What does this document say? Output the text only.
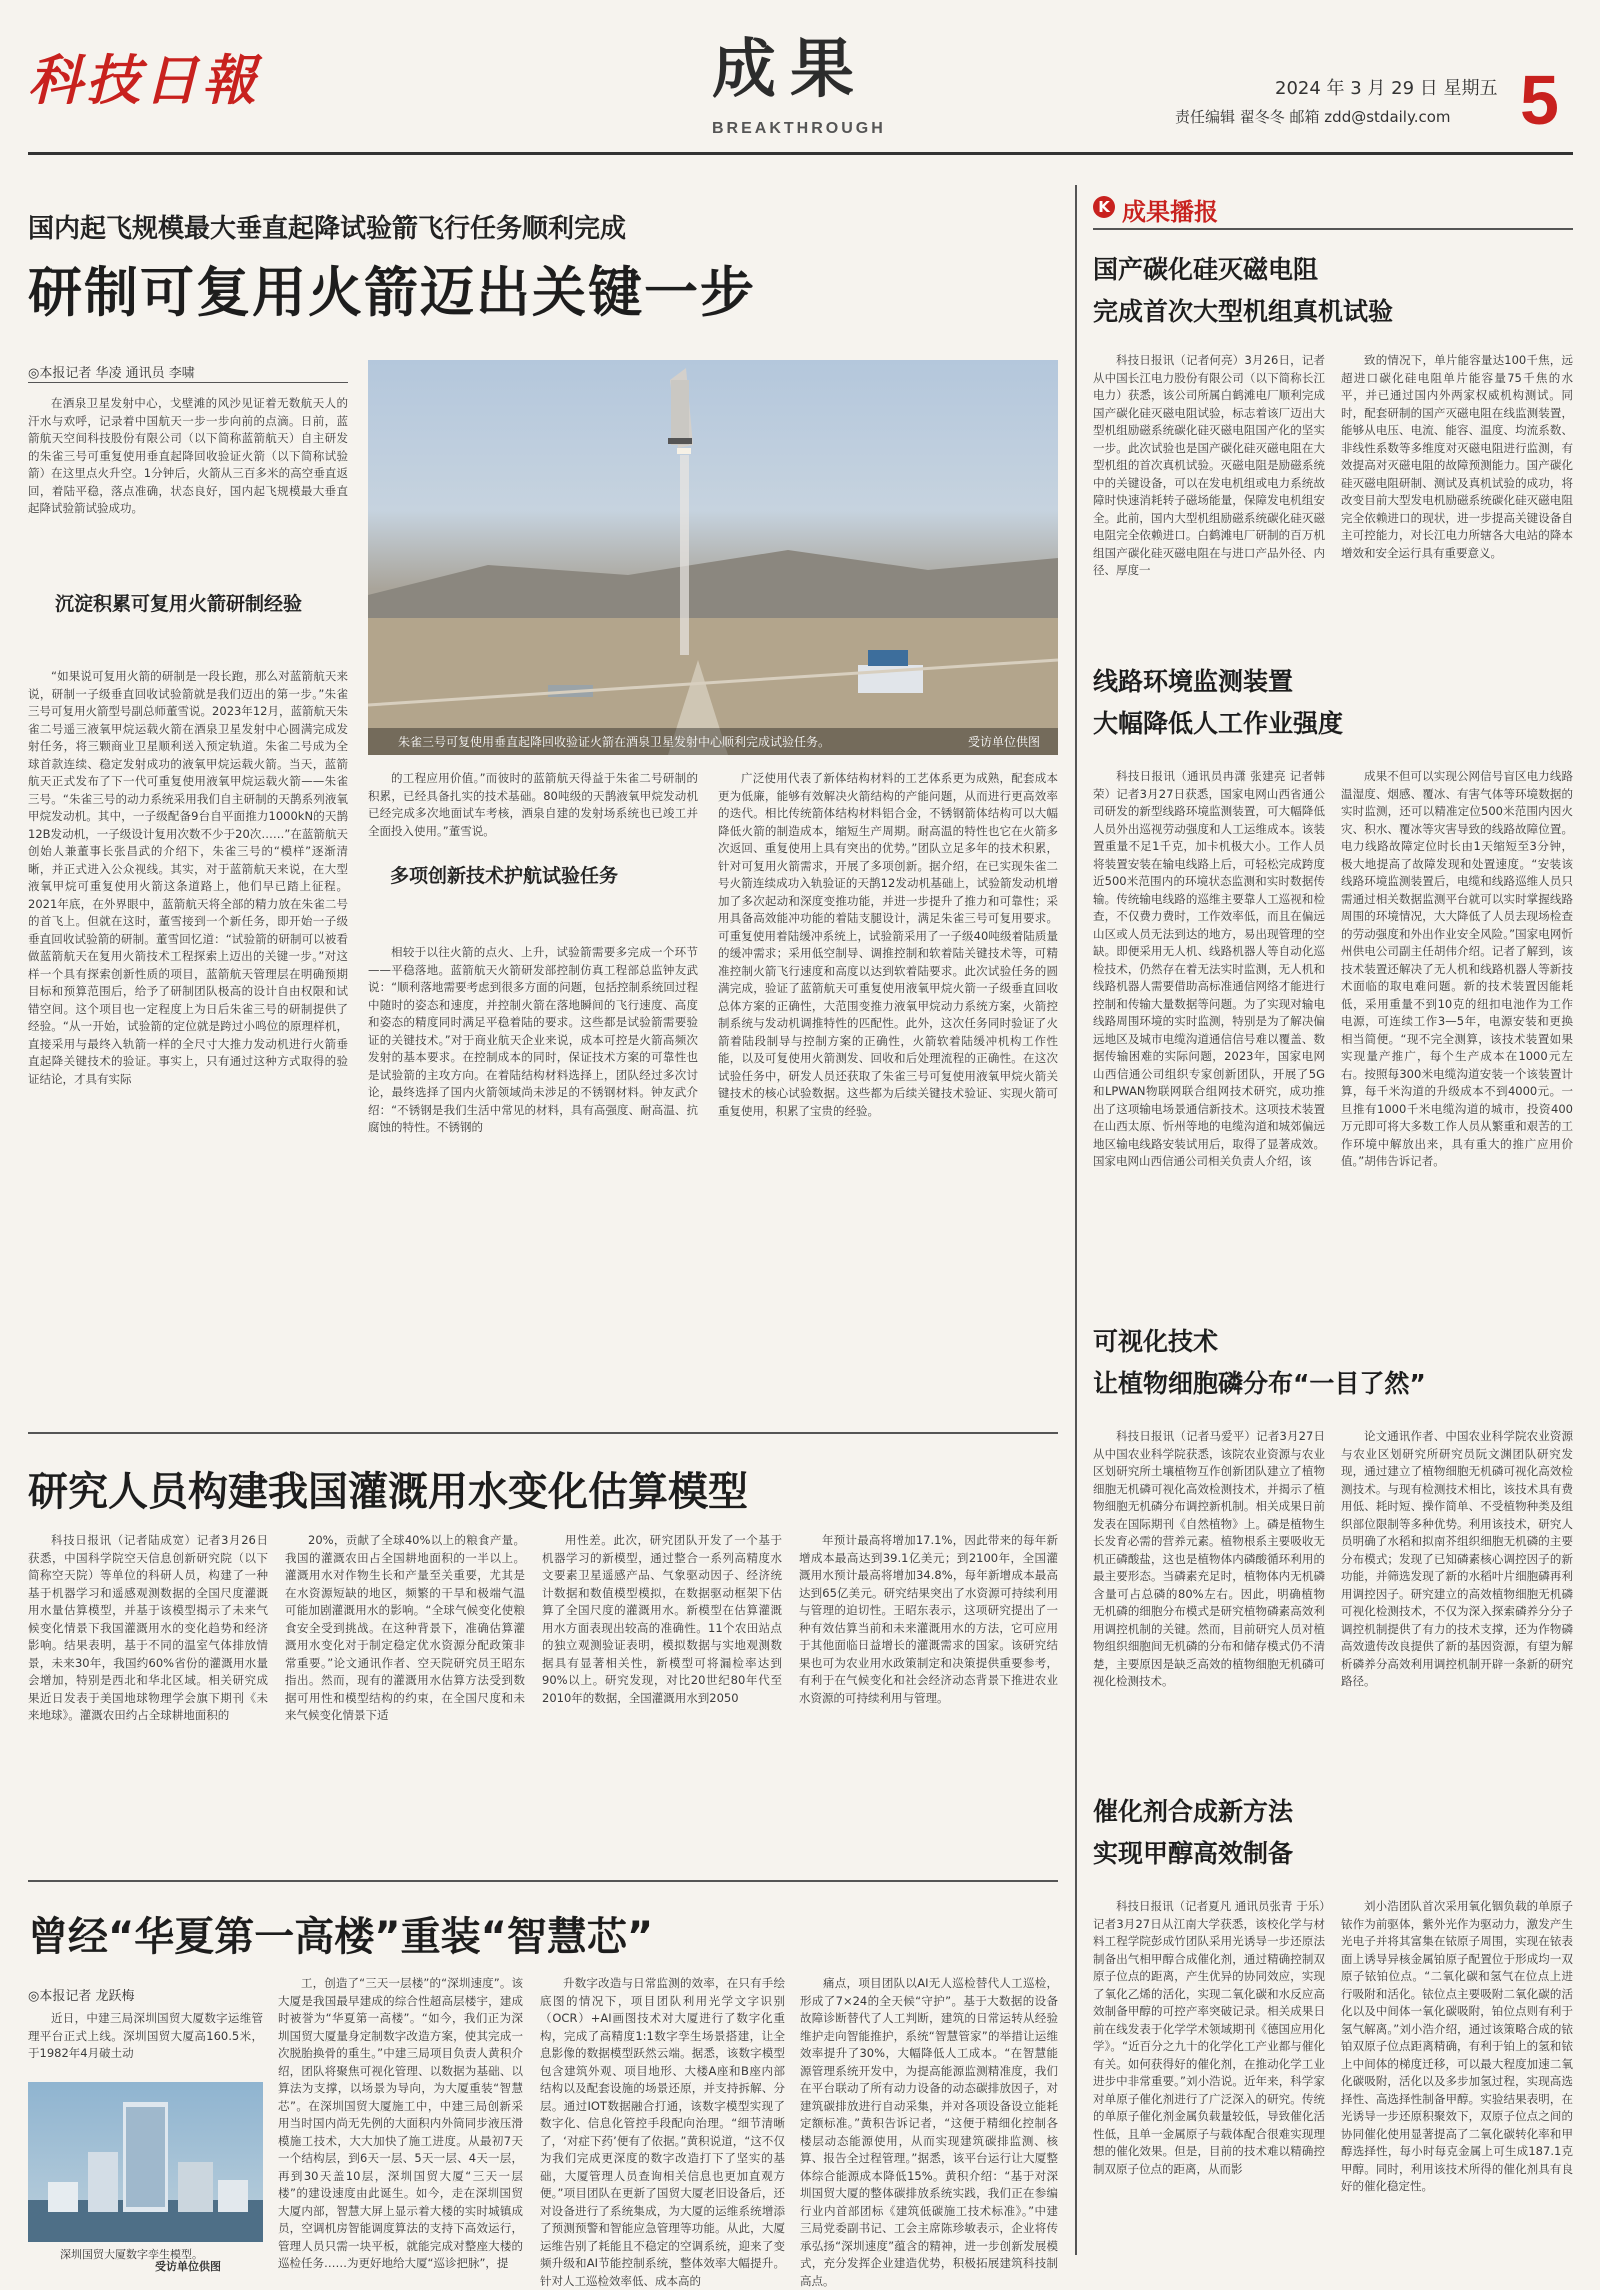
科技日報	成果
BREAKTHROUGH
2024 年 3 月 29 日 星期五
责任编辑 翟冬冬 邮箱 zdd@stdaily.com 5
国内起飞规模最大垂直起降试验箭飞行任务顺利完成
研制可复用火箭迈出关键一步
◎本报记者 华凌 通讯员 李啸

在酒泉卫星发射中心，戈壁滩的风沙见证着无数航天人的汗水与欢呼，记录着中国航天一步一步向前的点滴。日前，蓝箭航天空间科技股份有限公司（以下简称蓝箭航天）自主研发的朱雀三号可重复使用垂直起降回收验证火箭（以下简称试验箭）在这里点火升空。1分钟后，火箭从三百多米的高空垂直返回，着陆平稳，落点准确，状态良好，国内起飞规模最大垂直起降试验箭试验成功。

沉淀积累可复用火箭研制经验

“如果说可复用火箭的研制是一段长跑，那么对蓝箭航天来说，研制一子级垂直回收试验箭就是我们迈出的第一步。”朱雀三号可复用火箭型号副总师董雪说。2023年12月，蓝箭航天朱雀二号遥三液氧甲烷运载火箭在酒泉卫星发射中心圆满完成发射任务，将三颗商业卫星顺利送入预定轨道。朱雀二号成为全球首款连续、稳定发射成功的液氧甲烷运载火箭。当天，蓝箭航天正式发布了下一代可重复使用液氧甲烷运载火箭——朱雀三号。“朱雀三号的动力系统采用我们自主研制的天鹊系列液氧甲烷发动机。其中，一子级配备9台自平面推力1000kN的天鹊12B发动机，一子级设计复用次数不少于20次……”在蓝箭航天创始人兼董事长张昌武的介绍下，朱雀三号的“模样”逐渐清晰，并正式进入公众视线。其实，对于蓝箭航天来说，在大型液氧甲烷可重复使用火箭这条道路上，他们早已踏上征程。2021年底，在外界眼中，蓝箭航天将全部的精力放在朱雀二号的首飞上。但就在这时，董雪接到一个新任务，即开始一子级垂直回收试验箭的研制。董雪回忆道：“试验箭的研制可以被看做蓝箭航天在复用火箭技术工程探索上迈出的关键一步。”对这样一个具有探索创新性质的项目，蓝箭航天管理层在明确预期目标和预算范围后，给予了研制团队极高的设计自由权限和试错空间。这个项目也一定程度上为日后朱雀三号的研制提供了经验。“从一开始，试验箭的定位就是跨过小鸣位的原理样机，直接采用与最终入轨箭一样的全尺寸大推力发动机进行火箭垂直起降关键技术的验证。事实上，只有通过这种方式取得的验证结论，才具有实际

朱雀三号可复使用垂直起降回收验证火箭在酒泉卫星发射中心顺利完成试验任务。	受访单位供图

的工程应用价值。”而彼时的蓝箭航天得益于朱雀二号研制的积累，已经具备扎实的技术基础。80吨级的天鹊液氧甲烷发动机已经完成多次地面试车考核，酒泉自建的发射场系统也已竣工并全面投入使用。”董雪说。

多项创新技术护航试验任务

相较于以往火箭的点火、上升，试验箭需要多完成一个环节——平稳落地。蓝箭航天火箭研发部控制仿真工程部总监钟友武说：“顺利落地需要考虑到很多方面的问题，包括控制系统回过程中随时的姿态和速度，并控制火箭在落地瞬间的飞行速度、高度和姿态的精度同时满足平稳着陆的要求。这些都是试验箭需要验证的关键技术。”对于商业航天企业来说，成本可控是火箭高频次发射的基本要求。在控制成本的同时，保证技术方案的可靠性也是试验箭的主攻方向。在着陆结构材料选择上，团队经过多次讨论，最终选择了国内火箭领域尚未涉足的不锈钢材料。钟友武介绍：“不锈钢是我们生活中常见的材料，具有高强度、耐高温、抗腐蚀的特性。不锈钢的

广泛使用代表了新体结构材料的工艺体系更为成熟，配套成本更为低廉，能够有效解决火箭结构的产能问题，从而进行更高效率的迭代。相比传统箭体结构材料铝合金，不锈钢箭体结构可以大幅降低火箭的制造成本，缩短生产周期。耐高温的特性也它在火箭多次返回、重复使用上具有突出的优势。”团队立足多年的技术积累，针对可复用火箭需求，开展了多项创新。据介绍，在已实现朱雀二号火箭连续成功入轨验证的天鹊12发动机基础上，试验箭发动机增加了多次起动和深度变推功能，并进一步提升了推力和可靠性；采用具备高效能冲功能的着陆支腿设计，满足朱雀三号可复用要求。可重复使用着陆缓冲系统上，试验箭采用了一子级40吨级着陆质量的缓冲需求；采用低空制导、调推控制和软着陆关键技术等，可精准控制火箭飞行速度和高度以达到软着陆要求。此次试验任务的圆满完成，验证了蓝箭航天可重复使用液氧甲烷火箭一子级垂直回收总体方案的正确性，大范围变推力液氧甲烷动力系统方案，火箭控制系统与发动机调推特性的匹配性。此外，这次任务同时验证了火箭着陆段制导与控制方案的正确性，火箭软着陆缓冲机构工作性能，以及可复使用火箭测发、回收和后处理流程的正确性。在这次试验任务中，研发人员还获取了朱雀三号可复使用液氧甲烷火箭关键技术的核心试验数据。这些都为后续关键技术验证、实现火箭可重复使用，积累了宝贵的经验。

研究人员构建我国灌溉用水变化估算模型

科技日报讯（记者陆成宽）记者3月26日获悉，中国科学院空天信息创新研究院（以下简称空天院）等单位的科研人员，构建了一种基于机器学习和遥感观测数据的全国尺度灌溉用水量估算模型，并基于该模型揭示了未来气候变化情景下我国灌溉用水的变化趋势和经济影响。结果表明，基于不同的温室气体排放情景，未来30年，我国约60%省份的灌溉用水量会增加，特别是西北和华北区域。相关研究成果近日发表于美国地球物理学会旗下期刊《未来地球》。灌溉农田约占全球耕地面积的

20%，贡献了全球40%以上的粮食产量。我国的灌溉农田占全国耕地面积的一半以上。灌溉用水对作物生长和产量至关重要，尤其是在水资源短缺的地区，频繁的干旱和极端气温可能加剧灌溉用水的影响。“全球气候变化使粮食安全受到挑战。在这种背景下，准确估算灌溉用水变化对于制定稳定优水资源分配政策非常重要。”论文通讯作者、空天院研究员王昭东指出。然而，现有的灌溉用水估算方法受到数据可用性和模型结构的约束，在全国尺度和未来气候变化情景下适

用性差。此次，研究团队开发了一个基于机器学习的新模型，通过整合一系列高精度水文要素卫星遥感产品、气象驱动因子、经济统计数据和数值模型模拟，在数据驱动框架下估算了全国尺度的灌溉用水。新模型在估算灌溉用水方面表现出较高的准确性。11个农田站点的独立观测验证表明，模拟数据与实地观测数据具有显著相关性，新模型可将漏检率达到90%以上。研究发现，对比20世纪80年代至2010年的数据，全国灌溉用水到2050

年预计最高将增加17.1%，因此带来的每年新增成本最高达到39.1亿美元；到2100年，全国灌溉用水预计最高将增加34.8%，每年新增成本最高达到65亿美元。研究结果突出了水资源可持续利用与管理的迫切性。王昭东表示，这项研究提出了一种有效估算当前和未来灌溉用水的方法，它可应用于其他面临日益增长的灌溉需求的国家。该研究结果也可为农业用水政策制定和决策提供重要参考，有利于在气候变化和社会经济动态背景下推进农业水资源的可持续利用与管理。

曾经“华夏第一高楼”重装“智慧芯”
◎本报记者 龙跃梅

近日，中建三局深圳国贸大厦数字运维管理平台正式上线。深圳国贸大厦高160.5米，于1982年4月破土动

深圳国贸大厦数字孪生模型。
受访单位供图

工，创造了“三天一层楼”的“深圳速度”。该大厦是我国最早建成的综合性超高层楼宇，建成时被誉为“华夏第一高楼”。“如今，我们正为深圳国贸大厦量身定制数字改造方案，使其完成一次脱胎换骨的重生。”中建三局项目负责人黄积介绍，团队将聚焦可视化管理、以数据为基础、以算法为支撑，以场景为导向，为大厦重装“智慧芯”。在深圳国贸大厦施工中，中建三局创新采用当时国内尚无先例的大面积内外筒同步液压滑模施工技术，大大加快了施工进度。从最初7天一个结构层，到6天一层、5天一层、4天一层，再到30天盖10层，深圳国贸大厦“三天一层楼”的建设速度由此诞生。如今，走在深圳国贸大厦内部，智慧大屏上显示着大楼的实时城镇成员，空调机房智能调度算法的支持下高效运行，管理人员只需一块平板，就能完成对整座大楼的巡检任务……为更好地给大厦“巡诊把脉”，提

升数字改造与日常监测的效率，在只有手绘底图的情况下，项目团队利用光学文字识别（OCR）+AI画图技术对大厦进行了数字化重构，完成了高精度1:1数字孪生场景搭建，让全息影像的数据模型跃然云端。据悉，该数字模型包含建筑外观、项目地形、大楼A座和B座内部结构以及配套设施的场景还原，并支持拆解、分层。通过IOT数据融合打通，该数字模型实现了数字化、信息化管控手段配向治理。“细节清晰了，‘对症下药’便有了依据。”黄积说道，“这不仅为我们完成更深度的数字改造打下了坚实的基础，大厦管理人员查询相关信息也更加直观方便。”项目团队在更新了国贸大厦老旧设备后，还对设备进行了系统集成，为大厦的运维系统增添了预测预警和智能应急管理等功能。从此，大厦运维告别了耗能且不稳定的空调系统，迎来了变频升级和AI节能控制系统，整体效率大幅提升。针对人工巡检效率低、成本高的

痛点，项目团队以AI无人巡检替代人工巡检，形成了7×24的全天候“守护”。基于大数据的设备故障诊断替代了人工判断，建筑的日常运转从经验维护走向智能推护，系统“智慧管家”的举措让运维效率提升了30%，大幅降低人工成本。“在智慧能源管理系统开发中，为提高能源监测精准度，我们在平台联动了所有动力设备的动态碳排放因子，对建筑碳排放进行自动采集，并对各项设备设立能耗定额标准。”黄积告诉记者，“这便于精细化控制各楼层动态能源使用，从而实现建筑碳排监测、核算、报告全过程管理。”据悉，该平台运行让大厦整体综合能源成本降低15%。黄积介绍：“基于对深圳国贸大厦的整体碳排放系统实践，我们正在参编行业内首部团标《建筑低碳施工技术标准》。”中建三局党委副书记、工会主席陈珍敏表示，企业将传承弘扬“深圳速度”蕴含的精神，进一步创新发展模式，充分发挥企业建造优势，积极拓展建筑科技制高点。

K 成果播报
国产碳化硅灭磁电阻
完成首次大型机组真机试验

科技日报讯（记者何亮）3月26日，记者从中国长江电力股份有限公司（以下简称长江电力）获悉，该公司所属白鹤滩电厂顺利完成国产碳化硅灭磁电阻试验，标志着该厂迈出大型机组励磁系统碳化硅灭磁电阻国产化的坚实一步。此次试验也是国产碳化硅灭磁电阻在大型机组的首次真机试验。灭磁电阻是励磁系统中的关键设备，可以在发电机组或电力系统故障时快速消耗转子磁场能量，保障发电机组安全。此前，国内大型机组励磁系统碳化硅灭磁电阻完全依赖进口。白鹤滩电厂研制的百万机组国产碳化硅灭磁电阻在与进口产品外径、内径、厚度一

致的情况下，单片能容量达100千焦，远超进口碳化硅电阻单片能容量75千焦的水平，并已通过国内外两家权威机构测试。同时，配套研制的国产灭磁电阻在线监测装置，能够从电压、电流、能容、温度、均流系数、非线性系数等多维度对灭磁电阻进行监测，有效提高对灭磁电阻的故障预测能力。国产碳化硅灭磁电阻研制、测试及真机试验的成功，将改变目前大型发电机励磁系统碳化硅灭磁电阻完全依赖进口的现状，进一步提高关键设备自主可控能力，对长江电力所辖各大电站的降本增效和安全运行具有重要意义。

线路环境监测装置
大幅降低人工作业强度

科技日报讯（通讯员冉潇 张建亮 记者韩荣）记者3月27日获悉，国家电网山西省通公司研发的新型线路环境监测装置，可大幅降低人员外出巡视劳动强度和人工运维成本。该装置重量不足1千克，加卡机极大小。工作人员将装置安装在输电线路上后，可轻松完成跨度近500米范围内的环境状态监测和实时数据传输。传统输电线路的巡维主要靠人工巡视和检查，不仅费力费时，工作效率低，而且在偏远山区或人员无法到达的地方，易出现管理的空缺。即便采用无人机、线路机器人等自动化巡检技术，仍然存在着无法实时监测，无人机和线路机器人需要借助高标准通信网络才能进行控制和传输大量数据等问题。为了实现对输电线路周围环境的实时监测，特别是为了解决偏远地区及城市电缆沟道通信信号难以覆盖、数据传输困难的实际问题，2023年，国家电网山西信通公司组织专家创新团队，开展了5G和LPWAN物联网联合组网技术研究，成功推出了这项输电场景通信新技术。这项技术装置在山西太原、忻州等地的电缆沟道和城郊偏远地区输电线路安装试用后，取得了显著成效。国家电网山西信通公司相关负责人介绍，该

成果不但可以实现公网信号盲区电力线路温湿度、烟感、覆冰、有害气体等环境数据的实时监测，还可以精准定位500米范围内因火灾、积水、覆冰等灾害导致的线路故障位置。电力线路故障定位时长由1天缩短至3分钟，极大地提高了故障发现和处置速度。“安装该线路环境监测装置后，电缆和线路巡维人员只需通过相关数据监测平台就可以实时掌握线路周围的环境情况，大大降低了人员去现场检查的劳动强度和外出作业安全风险。”国家电网忻州供电公司副主任胡伟介绍。记者了解到，该技术装置还解决了无人机和线路机器人等新技术面临的取电难问题。新的技术装置因能耗低，采用重量不到10克的纽扣电池作为工作电源，可连续工作3—5年，电源安装和更换相当简便。“现不完全测算，该技术装置如果实现量产推广，每个生产成本在1000元左右。按照每300米电缆沟道安装一个该装置计算，每千米沟道的升级成本不到4000元。一旦推有1000千米电缆沟道的城市，投资400万元即可将大多数工作人员从繁重和艰苦的工作环境中解放出来，具有重大的推广应用价值。”胡伟告诉记者。

可视化技术
让植物细胞磷分布“一目了然”

科技日报讯（记者马爱平）记者3月27日从中国农业科学院获悉，该院农业资源与农业区划研究所土壤植物互作创新团队建立了植物细胞无机磷可视化高效检测技术，并揭示了植物细胞无机磷分布调控新机制。相关成果日前发表在国际期刊《自然植物》上。磷是植物生长发育必需的营养元素。植物根系主要吸收无机正磷酸盐，这也是植物体内磷酸循环利用的最主要形态。当磷素充足时，植物体内无机磷含量可占总磷的80%左右。因此，明确植物无机磷的细胞分布模式是研究植物磷素高效利用调控机制的关键。然而，目前研究人员对植物组织细胞间无机磷的分布和储存模式仍不清楚，主要原因是缺乏高效的植物细胞无机磷可视化检测技术。

论文通讯作者、中国农业科学院农业资源与农业区划研究所研究员阮文渊团队研究发现，通过建立了植物细胞无机磷可视化高效检测技术。与现有检测技术相比，该技术具有费用低、耗时短、操作简单、不受植物种类及组织部位限制等多种优势。利用该技术，研究人员明确了水稻和拟南芥组织细胞无机磷的主要分布模式；发现了已知磷素核心调控因子的新功能，并筛选发现了新的水稻叶片细胞磷再利用调控因子。研究建立的高效植物细胞无机磷可视化检测技术，不仅为深入探索磷养分分子调控机制提供了有力的技术支撑，还为作物磷高效遗传改良提供了新的基因资源，有望为解析磷养分高效利用调控机制开辟一条新的研究路径。

催化剂合成新方法
实现甲醇高效制备

科技日报讯（记者夏凡 通讯员张青 于乐）记者3月27日从江南大学获悉，该校化学与材料工程学院彭成竹团队采用光诱导一步还原法制备出气相甲醇合成催化剂，通过精确控制双原子位点的距离，产生优异的协同效应，实现了氧化乙烯的活化，实现二氧化碳和水反应高效制备甲醇的可控产率突破记录。相关成果日前在线发表于化学学术领域期刊《德国应用化学》。“近百分之九十的化学化工产业都与催化有关。如何获得好的催化剂，在推动化学工业进步中非常重要。”刘小浩说。近年来，科学家对单原子催化剂进行了广泛深入的研究。传统的单原子催化剂金属负载量较低，导致催化活性低，且单一金属原子与载体配合很难实现理想的催化效果。但是，目前的技术难以精确控制双原子位点的距离，从而影

刘小浩团队首次采用氧化铟负载的单原子铱作为前驱体，紫外光作为驱动力，激发产生光电子并将其富集在铱原子周围，实现在铱表面上诱导异核金属铂原子配置位于形成均一双原子铱铂位点。“二氧化碳和氢气在位点上进行吸附和活化。铱位点主要吸附二氧化碳的活化以及中间体一氧化碳吸附，铂位点则有利于氢气解离。”刘小浩介绍，通过该策略合成的铱铂双原子位点距离精确，有利于铂上的氢和铱上中间体的梯度迁移，可以最大程度加速二氧化碳吸附，活化以及多步加氢过程，实现高选择性、高选择性制备甲醇。实验结果表明，在光诱导一步还原积聚效下，双原子位点之间的协同催化使用显著提高了二氧化碳转化率和甲醇选择性，每小时每克金属上可生成187.1克甲醇。同时，利用该技术所得的催化剂具有良好的催化稳定性。
